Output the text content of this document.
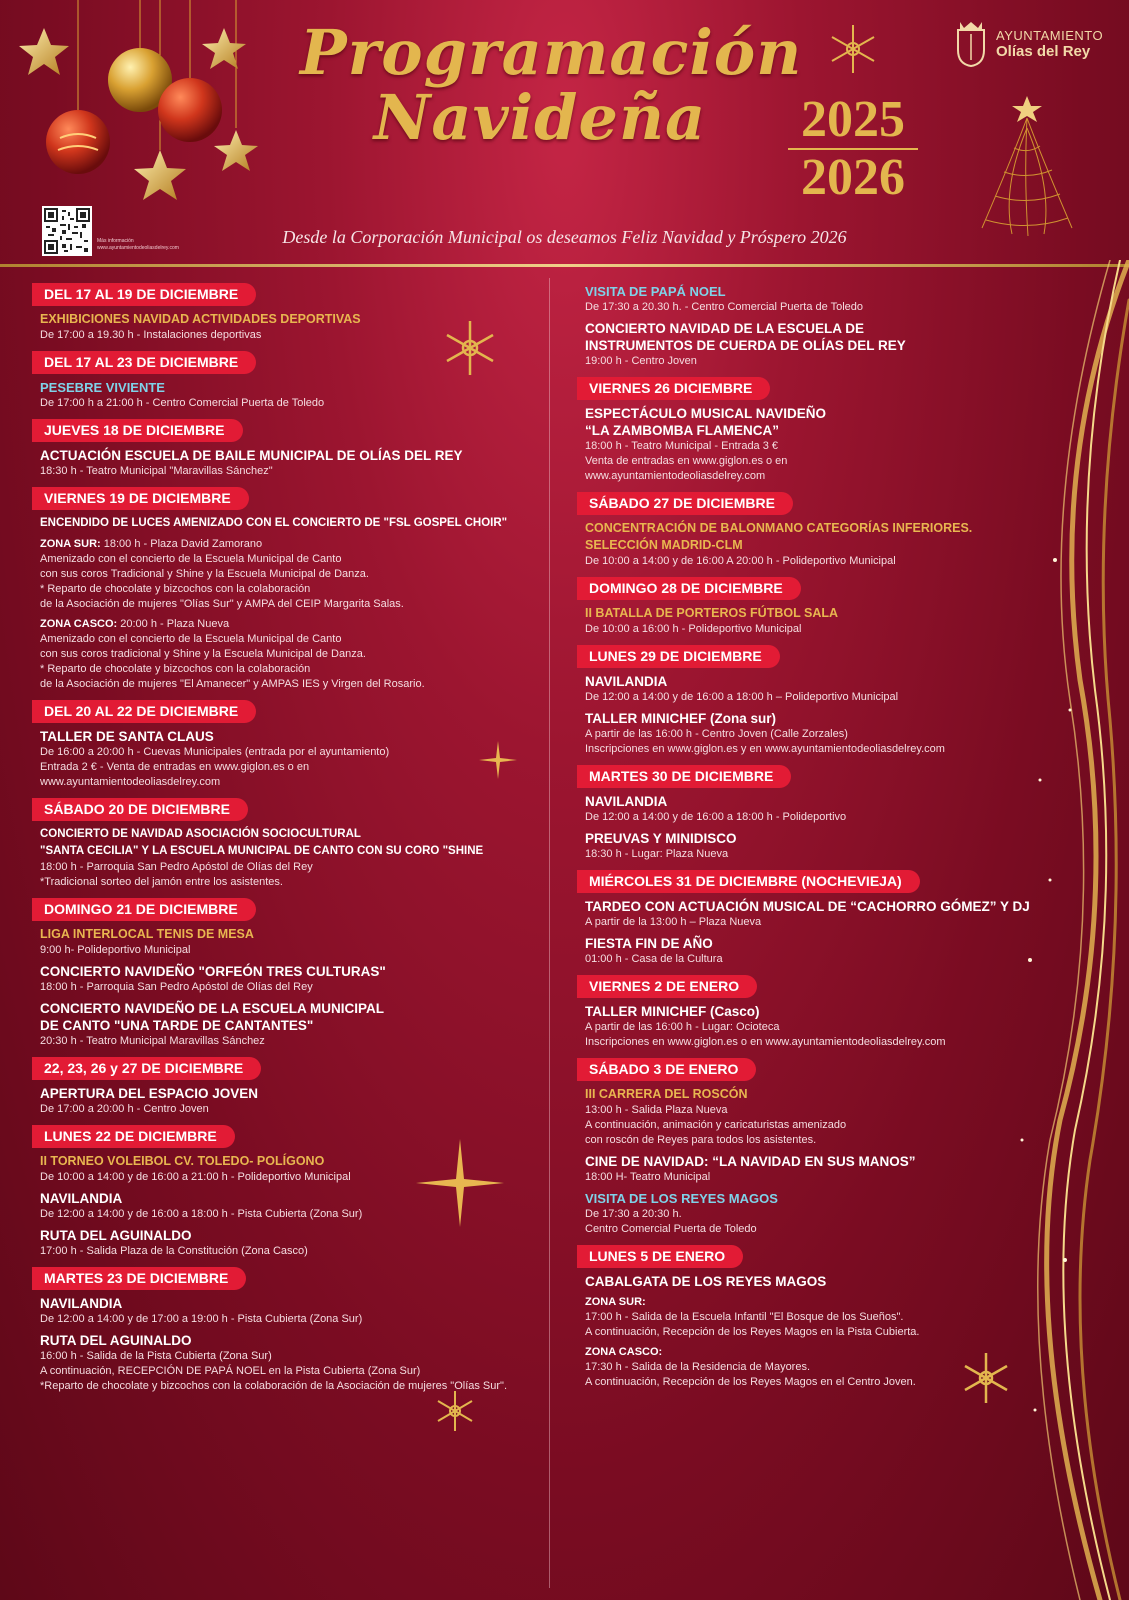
Programación
Navideña	2025
2026
AYUNTAMIENTO
Olías del Rey
Más información
www.ayuntamientodeoliasdelrey.com
Desde la Corporación Municipal os deseamos Feliz Navidad y Próspero 2026
DEL 17 AL 19 DE DICIEMBRE
EXHIBICIONES NAVIDAD ACTIVIDADES DEPORTIVAS
De 17:00 a 19.30 h - Instalaciones deportivas
DEL 17 AL 23 DE DICIEMBRE
PESEBRE VIVIENTE
De 17:00 h a 21:00 h - Centro Comercial Puerta de Toledo
JUEVES 18 DE DICIEMBRE
ACTUACIÓN ESCUELA DE BAILE MUNICIPAL DE OLÍAS DEL REY
18:30 h - Teatro Municipal "Maravillas Sánchez"
VIERNES 19 DE DICIEMBRE
ENCENDIDO DE LUCES AMENIZADO CON EL CONCIERTO DE "FSL GOSPEL CHOIR"
ZONA SUR: 18:00 h - Plaza David Zamorano
Amenizado con el concierto de la Escuela Municipal de Canto
con sus coros Tradicional y Shine y la Escuela Municipal de Danza.
* Reparto de chocolate y bizcochos con la colaboración
de la Asociación de mujeres "Olías Sur" y AMPA del CEIP Margarita Salas.
ZONA CASCO: 20:00 h - Plaza Nueva
Amenizado con el concierto de la Escuela Municipal de Canto
con sus coros tradicional y Shine y la Escuela Municipal de Danza.
* Reparto de chocolate y bizcochos con la colaboración
de la Asociación de mujeres "El Amanecer" y AMPAS IES y Virgen del Rosario.
DEL 20 AL 22 DE DICIEMBRE
TALLER DE SANTA CLAUS
De 16:00 a 20:00 h - Cuevas Municipales (entrada por el ayuntamiento)
Entrada 2 € - Venta de entradas en www.giglon.es o en
www.ayuntamientodeoliasdelrey.com
SÁBADO 20 DE DICIEMBRE
CONCIERTO DE NAVIDAD ASOCIACIÓN SOCIOCULTURAL
"SANTA CECILIA" Y LA ESCUELA MUNICIPAL DE CANTO CON SU CORO "SHINE
18:00 h - Parroquia San Pedro Apóstol de Olías del Rey
*Tradicional sorteo del jamón entre los asistentes.
DOMINGO 21 DE DICIEMBRE
LIGA INTERLOCAL TENIS DE MESA
9:00 h- Polideportivo Municipal
CONCIERTO NAVIDEÑO "ORFEÓN TRES CULTURAS"
18:00 h - Parroquia San Pedro Apóstol de Olías del Rey
CONCIERTO NAVIDEÑO DE LA ESCUELA MUNICIPAL
DE CANTO "UNA TARDE DE CANTANTES"
20:30 h - Teatro Municipal Maravillas Sánchez
22, 23, 26 y 27 DE DICIEMBRE
APERTURA DEL ESPACIO JOVEN
De 17:00 a 20:00 h - Centro Joven
LUNES 22 DE DICIEMBRE
II TORNEO VOLEIBOL CV. TOLEDO- POLÍGONO
De 10:00 a 14:00 y de 16:00 a 21:00 h - Polideportivo Municipal
NAVILANDIA
De 12:00 a 14:00 y de 16:00 a 18:00 h - Pista Cubierta (Zona Sur)
RUTA DEL AGUINALDO
17:00 h - Salida Plaza de la Constitución (Zona Casco)
MARTES 23 DE DICIEMBRE
NAVILANDIA
De 12:00 a 14:00 y de 17:00 a 19:00 h - Pista Cubierta (Zona Sur)
RUTA DEL AGUINALDO
16:00 h - Salida de la Pista Cubierta (Zona Sur)
A continuación, RECEPCIÓN DE PAPÁ NOEL en la Pista Cubierta (Zona Sur)
*Reparto de chocolate y bizcochos con la colaboración de la Asociación de mujeres "Olías Sur".
VISITA DE PAPÁ NOEL
De 17:30 a 20.30 h. - Centro Comercial Puerta de Toledo
CONCIERTO NAVIDAD DE LA ESCUELA DE
INSTRUMENTOS DE CUERDA DE OLÍAS DEL REY
19:00 h - Centro Joven
VIERNES 26 DICIEMBRE
ESPECTÁCULO MUSICAL NAVIDEÑO
“LA ZAMBOMBA FLAMENCA”
18:00 h - Teatro Municipal - Entrada 3 €
Venta de entradas en www.giglon.es o en
www.ayuntamientodeoliasdelrey.com
SÁBADO 27 DE DICIEMBRE
CONCENTRACIÓN DE BALONMANO CATEGORÍAS INFERIORES.
SELECCIÓN MADRID-CLM
De 10:00 a 14:00 y de 16:00 A 20:00 h - Polideportivo Municipal
DOMINGO 28 DE DICIEMBRE
II BATALLA DE PORTEROS FÚTBOL SALA
De 10:00 a 16:00 h - Polideportivo Municipal
LUNES 29 DE DICIEMBRE
NAVILANDIA
De 12:00 a 14:00 y de 16:00 a 18:00 h – Polideportivo Municipal
TALLER MINICHEF (Zona sur)
A partir de las 16:00 h - Centro Joven (Calle Zorzales)
Inscripciones en www.giglon.es y en www.ayuntamientodeoliasdelrey.com
MARTES 30 DE DICIEMBRE
NAVILANDIA
De 12:00 a 14:00 y de 16:00 a 18:00 h - Polideportivo
PREUVAS Y MINIDISCO
18:30 h - Lugar: Plaza Nueva
MIÉRCOLES 31 DE DICIEMBRE (NOCHEVIEJA)
TARDEO CON ACTUACIÓN MUSICAL DE “CACHORRO GÓMEZ” Y DJ
A partir de la 13:00 h – Plaza Nueva
FIESTA FIN DE AÑO
01:00 h - Casa de la Cultura
VIERNES 2 DE ENERO
TALLER MINICHEF (Casco)
A partir de las 16:00 h - Lugar: Ocioteca
Inscripciones en www.giglon.es o en www.ayuntamientodeoliasdelrey.com
SÁBADO 3 DE ENERO
III CARRERA DEL ROSCÓN
13:00 h - Salida Plaza Nueva
A continuación, animación y caricaturistas amenizado
con roscón de Reyes para todos los asistentes.
CINE DE NAVIDAD: “LA NAVIDAD EN SUS MANOS”
18:00 H- Teatro Municipal
VISITA DE LOS REYES MAGOS
De 17:30 a 20:30 h.
Centro Comercial Puerta de Toledo
LUNES 5 DE ENERO
CABALGATA DE LOS REYES MAGOS
ZONA SUR:
17:00 h - Salida de la Escuela Infantil "El Bosque de los Sueños".
A continuación, Recepción de los Reyes Magos en la Pista Cubierta.
ZONA CASCO:
17:30 h - Salida de la Residencia de Mayores.
A continuación, Recepción de los Reyes Magos en el Centro Joven.
